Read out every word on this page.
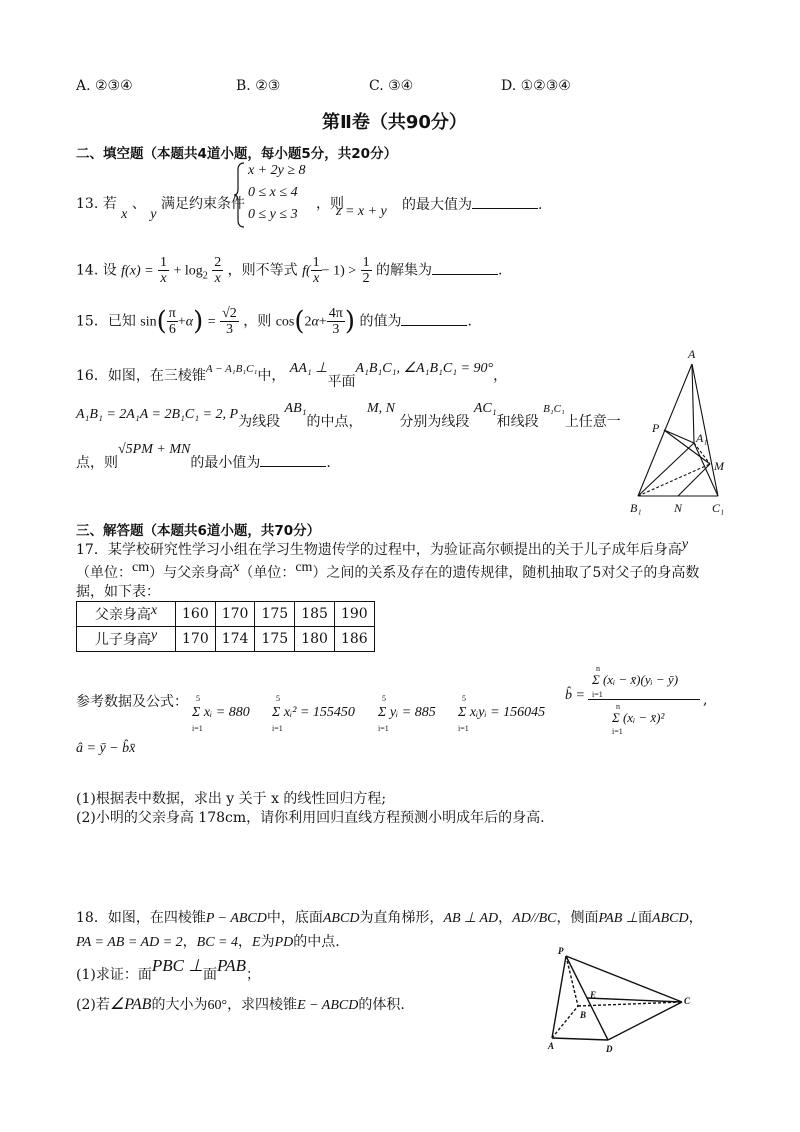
A. ②③④	B. ②③	C. ③④	D. ①②③④
第Ⅱ卷（共90分）
二、填空题（本题共4道小题，每小题5分，共20分）
13. 若 x 、 y 满足约束条件
x + 2y ≥ 8
0 ≤ x ≤ 4
0 ≤ y ≤ 3
，则
z = x + y 的最大值为	.
14. 设 $f(x) = \frac{1}{x} + \log_2 \frac{2}{x}$ ，则不等式 $f( \frac{1}{x} - 1) > \frac{1}{2}$ 的解集为	.
15．已知 $\sin( \frac{\pi}{6} +\alpha) = \frac{√2}{3}$ ，则 $\cos(2\alpha+ \frac{4\pi}{3}$ ) 的值为	.
16．如图，在三棱锥$^{A - A_1B_1C_1}$中， AA₁ ⊥平面A₁B₁C₁, ∠A₁B₁C₁ = 90°，
A₁B₁ = 2A₁A = 2B₁C₁ = 2, P为线段 AB₁的中点， M, N 分别为线段 AC₁和线段 $^{B_1C_1}$上任意一
点，则√5PM + MN的最小值为	.
A
P
A₁
M
B₁	N C₁
三、解答题（本题共6道小题，共70分）
17．某学校研究性学习小组在学习生物遗传学的过程中，为验证高尔顿提出的关于儿子成年后身高y
（单位：cm）与父亲身高x（单位：cm）之间的关系及存在的遗传规律，随机抽取了5对父子的身高数
据，如下表：
父亲身高x	160	170	175	185	190
儿子身高y	170	174	175	180	186
参考数据及公式： 5
i=1
Σ xᵢ = 880
5
i=1
Σ xᵢ² = 155450
5
i=1
Σ yᵢ = 885
5
i=1
Σ xᵢyᵢ = 156045
b̂ =
n
Σ (xᵢ − x̄)(yᵢ − ȳ)
i=1
n
Σ (xᵢ − x̄)²
i=1
,
â = ȳ − b̂x̄
(1)根据表中数据，求出 y 关于 x 的线性回归方程;
(2)小明的父亲身高 178cm，请你利用回归直线方程预测小明成年后的身高.
18．如图，在四棱锥P − ABCD中，底面ABCD为直角梯形，AB ⊥ AD，AD//BC，侧面PAB ⊥面ABCD，
PA = AB = AD = 2，BC = 4，E为PD的中点.
(1)求证：面PBC ⊥面PAB；
(2)若∠PAB的大小为60°，求四棱锥E − ABCD的体积.
P
E
B
C
A	D
